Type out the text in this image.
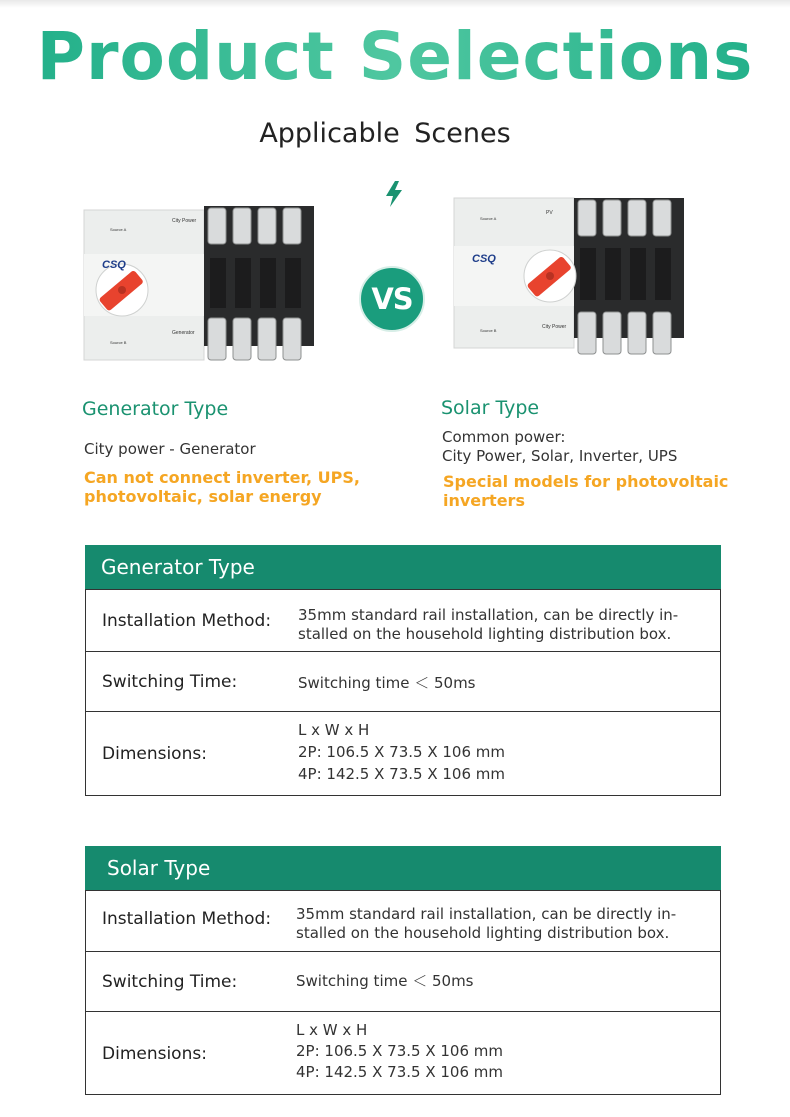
Product Selections
Applicable Scenes
CSQ
City Power
Generator
Source A
Source B
VS
CSQ
PV
City Power
Source A
Source B
Generator Type
City power - Generator
Can not connect inverter, UPS,
photovoltaic, solar energy
Solar Type
Common power:
City Power, Solar, Inverter, UPS
Special models for photovoltaic
inverters
Generator Type
Installation Method: 35mm standard rail installation, can be directly in-
stalled on the household lighting distribution box.
Switching Time:	Switching time ＜ 50ms
Dimensions:
L x W x H
2P: 106.5 X 73.5 X 106 mm
4P: 142.5 X 73.5 X 106 mm
Solar Type
Installation Method: 35mm standard rail installation, can be directly in-
stalled on the household lighting distribution box.
Switching Time:	Switching time ＜ 50ms
Dimensions:
L x W x H
2P: 106.5 X 73.5 X 106 mm
4P: 142.5 X 73.5 X 106 mm
